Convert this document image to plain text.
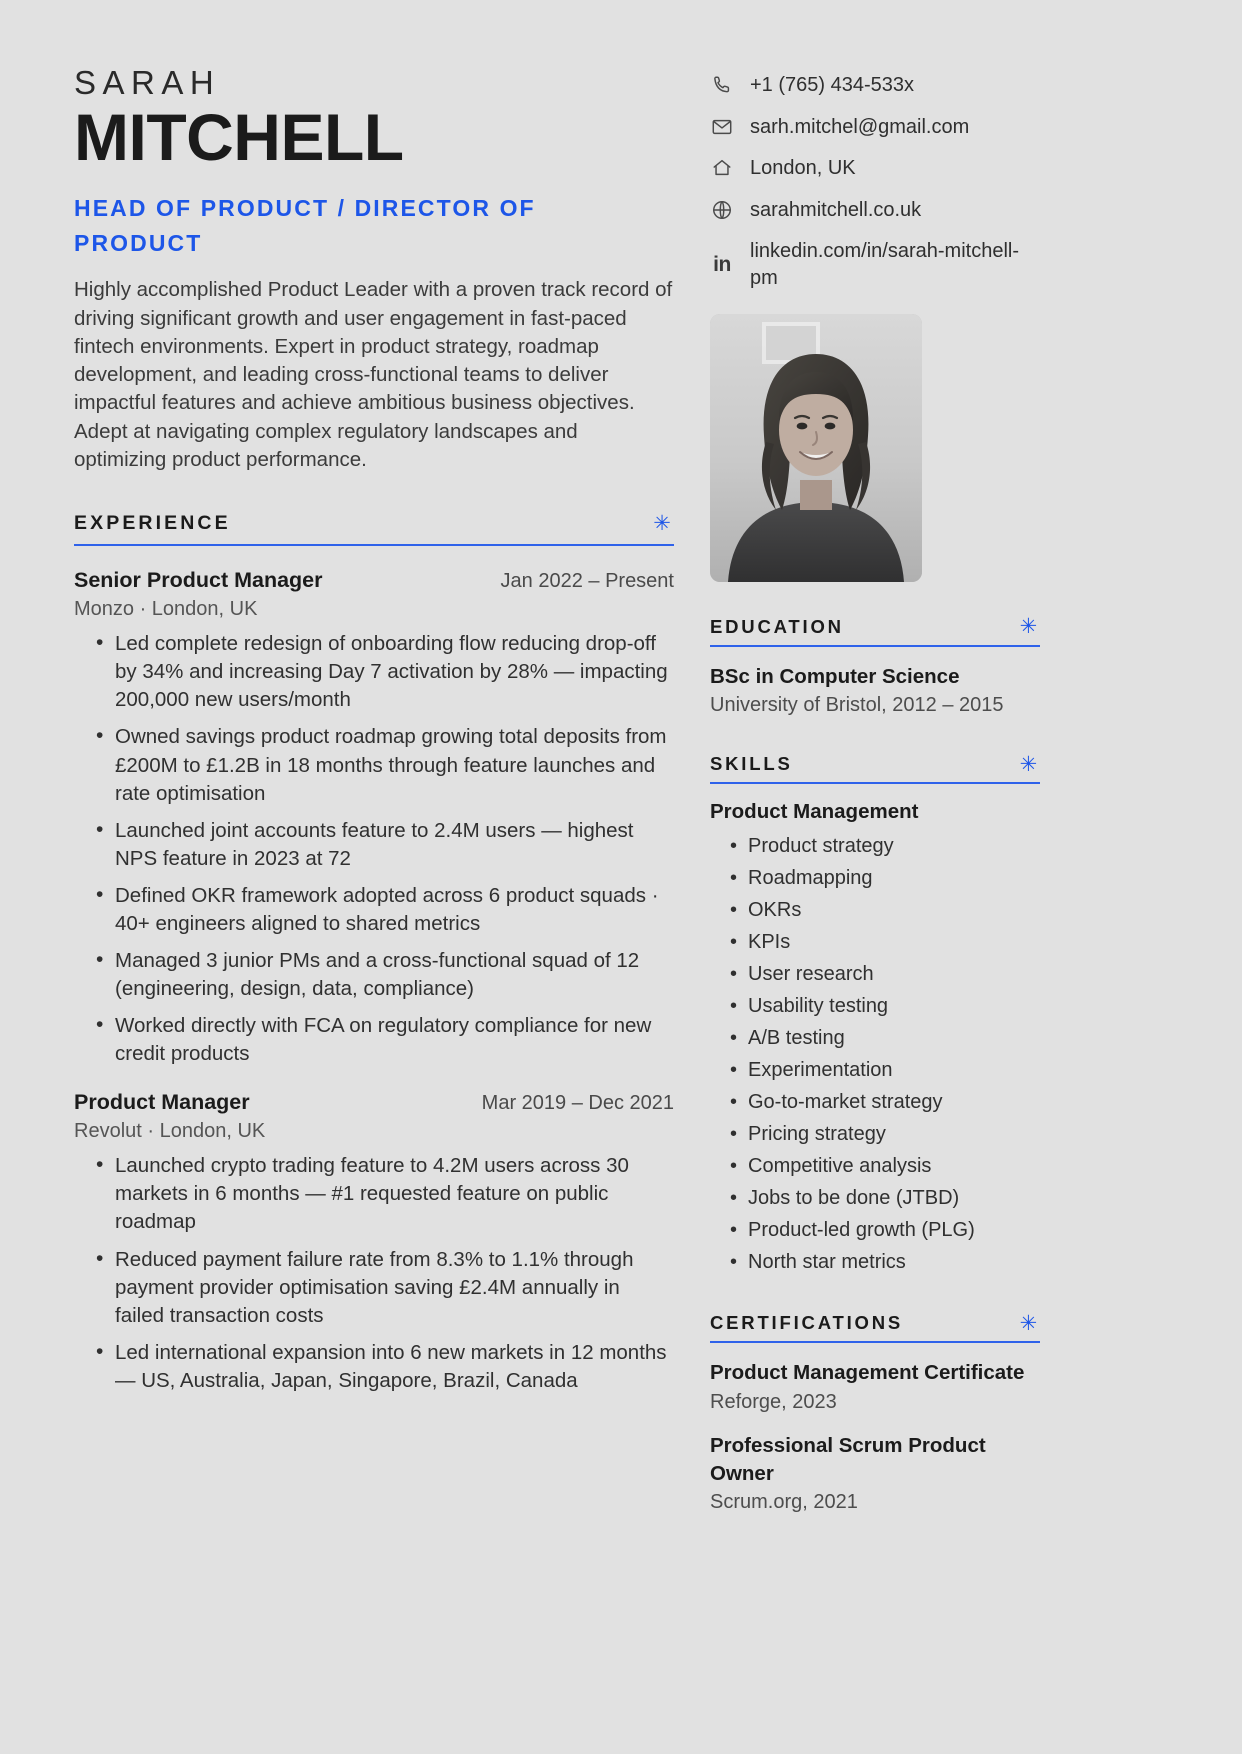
SARAH
MITCHELL
HEAD OF PRODUCT / DIRECTOR OF PRODUCT

Highly accomplished Product Leader with a proven track record of driving significant growth and user engagement in fast-paced fintech environments. Expert in product strategy, roadmap development, and leading cross-functional teams to deliver impactful features and achieve ambitious business objectives. Adept at navigating complex regulatory landscapes and optimizing product performance.

EXPERIENCE	✳
Senior Product Manager	Jan 2022 – Present
Monzo · London, UK
• Led complete redesign of onboarding flow reducing drop-off by 34% and increasing Day 7 activation by 28% — impacting 200,000 new users/month
• Owned savings product roadmap growing total deposits from £200M to £1.2B in 18 months through feature launches and rate optimisation
• Launched joint accounts feature to 2.4M users — highest NPS feature in 2023 at 72
• Defined OKR framework adopted across 6 product squads · 40+ engineers aligned to shared metrics
• Managed 3 junior PMs and a cross-functional squad of 12 (engineering, design, data, compliance)
• Worked directly with FCA on regulatory compliance for new credit products
Product Manager	Mar 2019 – Dec 2021
Revolut · London, UK
• Launched crypto trading feature to 4.2M users across 30 markets in 6 months — #1 requested feature on public roadmap
• Reduced payment failure rate from 8.3% to 1.1% through payment provider optimisation saving £2.4M annually in failed transaction costs
• Led international expansion into 6 new markets in 12 months — US, Australia, Japan, Singapore, Brazil, Canada
+1 (765) 434-533x
sarh.mitchel@gmail.com
London, UK
sarahmitchell.co.uk
in
linkedin.com/in/sarah-mitchell-pm
EDUCATION	✳
BSc in Computer Science
University of Bristol, 2012 – 2015
SKILLS	✳
Product Management
• Product strategy
• Roadmapping
• OKRs
• KPIs
• User research
• Usability testing
• A/B testing
• Experimentation
• Go-to-market strategy
• Pricing strategy
• Competitive analysis
• Jobs to be done (JTBD)
• Product-led growth (PLG)
• North star metrics
CERTIFICATIONS	✳
Product Management Certificate
Reforge, 2023
Professional Scrum Product Owner
Scrum.org, 2021
